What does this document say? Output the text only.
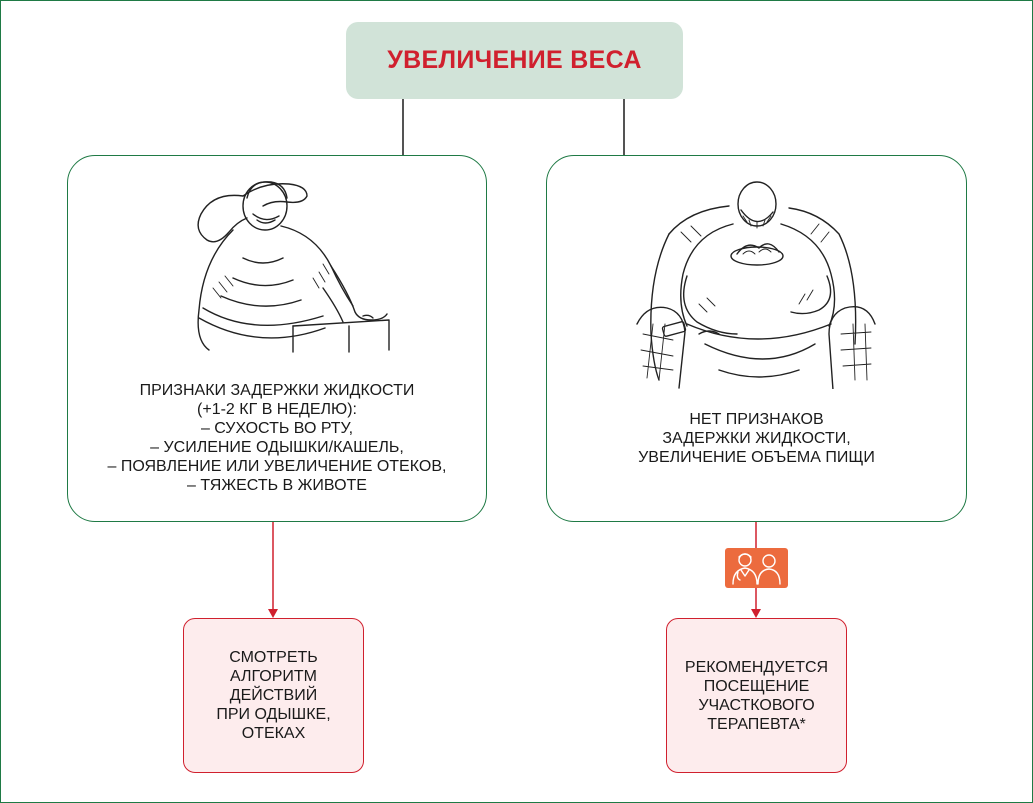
УВЕЛИЧЕНИЕ ВЕСА
ПРИЗНАКИ ЗАДЕРЖКИ ЖИДКОСТИ
(+1-2 КГ В НЕДЕЛЮ):
– СУХОСТЬ ВО РТУ,
– УСИЛЕНИЕ ОДЫШКИ/КАШЕЛЬ,
– ПОЯВЛЕНИЕ ИЛИ УВЕЛИЧЕНИЕ ОТЕКОВ,
– ТЯЖЕСТЬ В ЖИВОТЕ
НЕТ ПРИЗНАКОВ
ЗАДЕРЖКИ ЖИДКОСТИ,
УВЕЛИЧЕНИЕ ОБЪЕМА ПИЩИ
СМОТРЕТЬ
АЛГОРИТМ
ДЕЙСТВИЙ
ПРИ ОДЫШКЕ,
ОТЕКАХ
РЕКОМЕНДУЕТСЯ
ПОСЕЩЕНИЕ
УЧАСТКОВОГО
ТЕРАПЕВТА*
